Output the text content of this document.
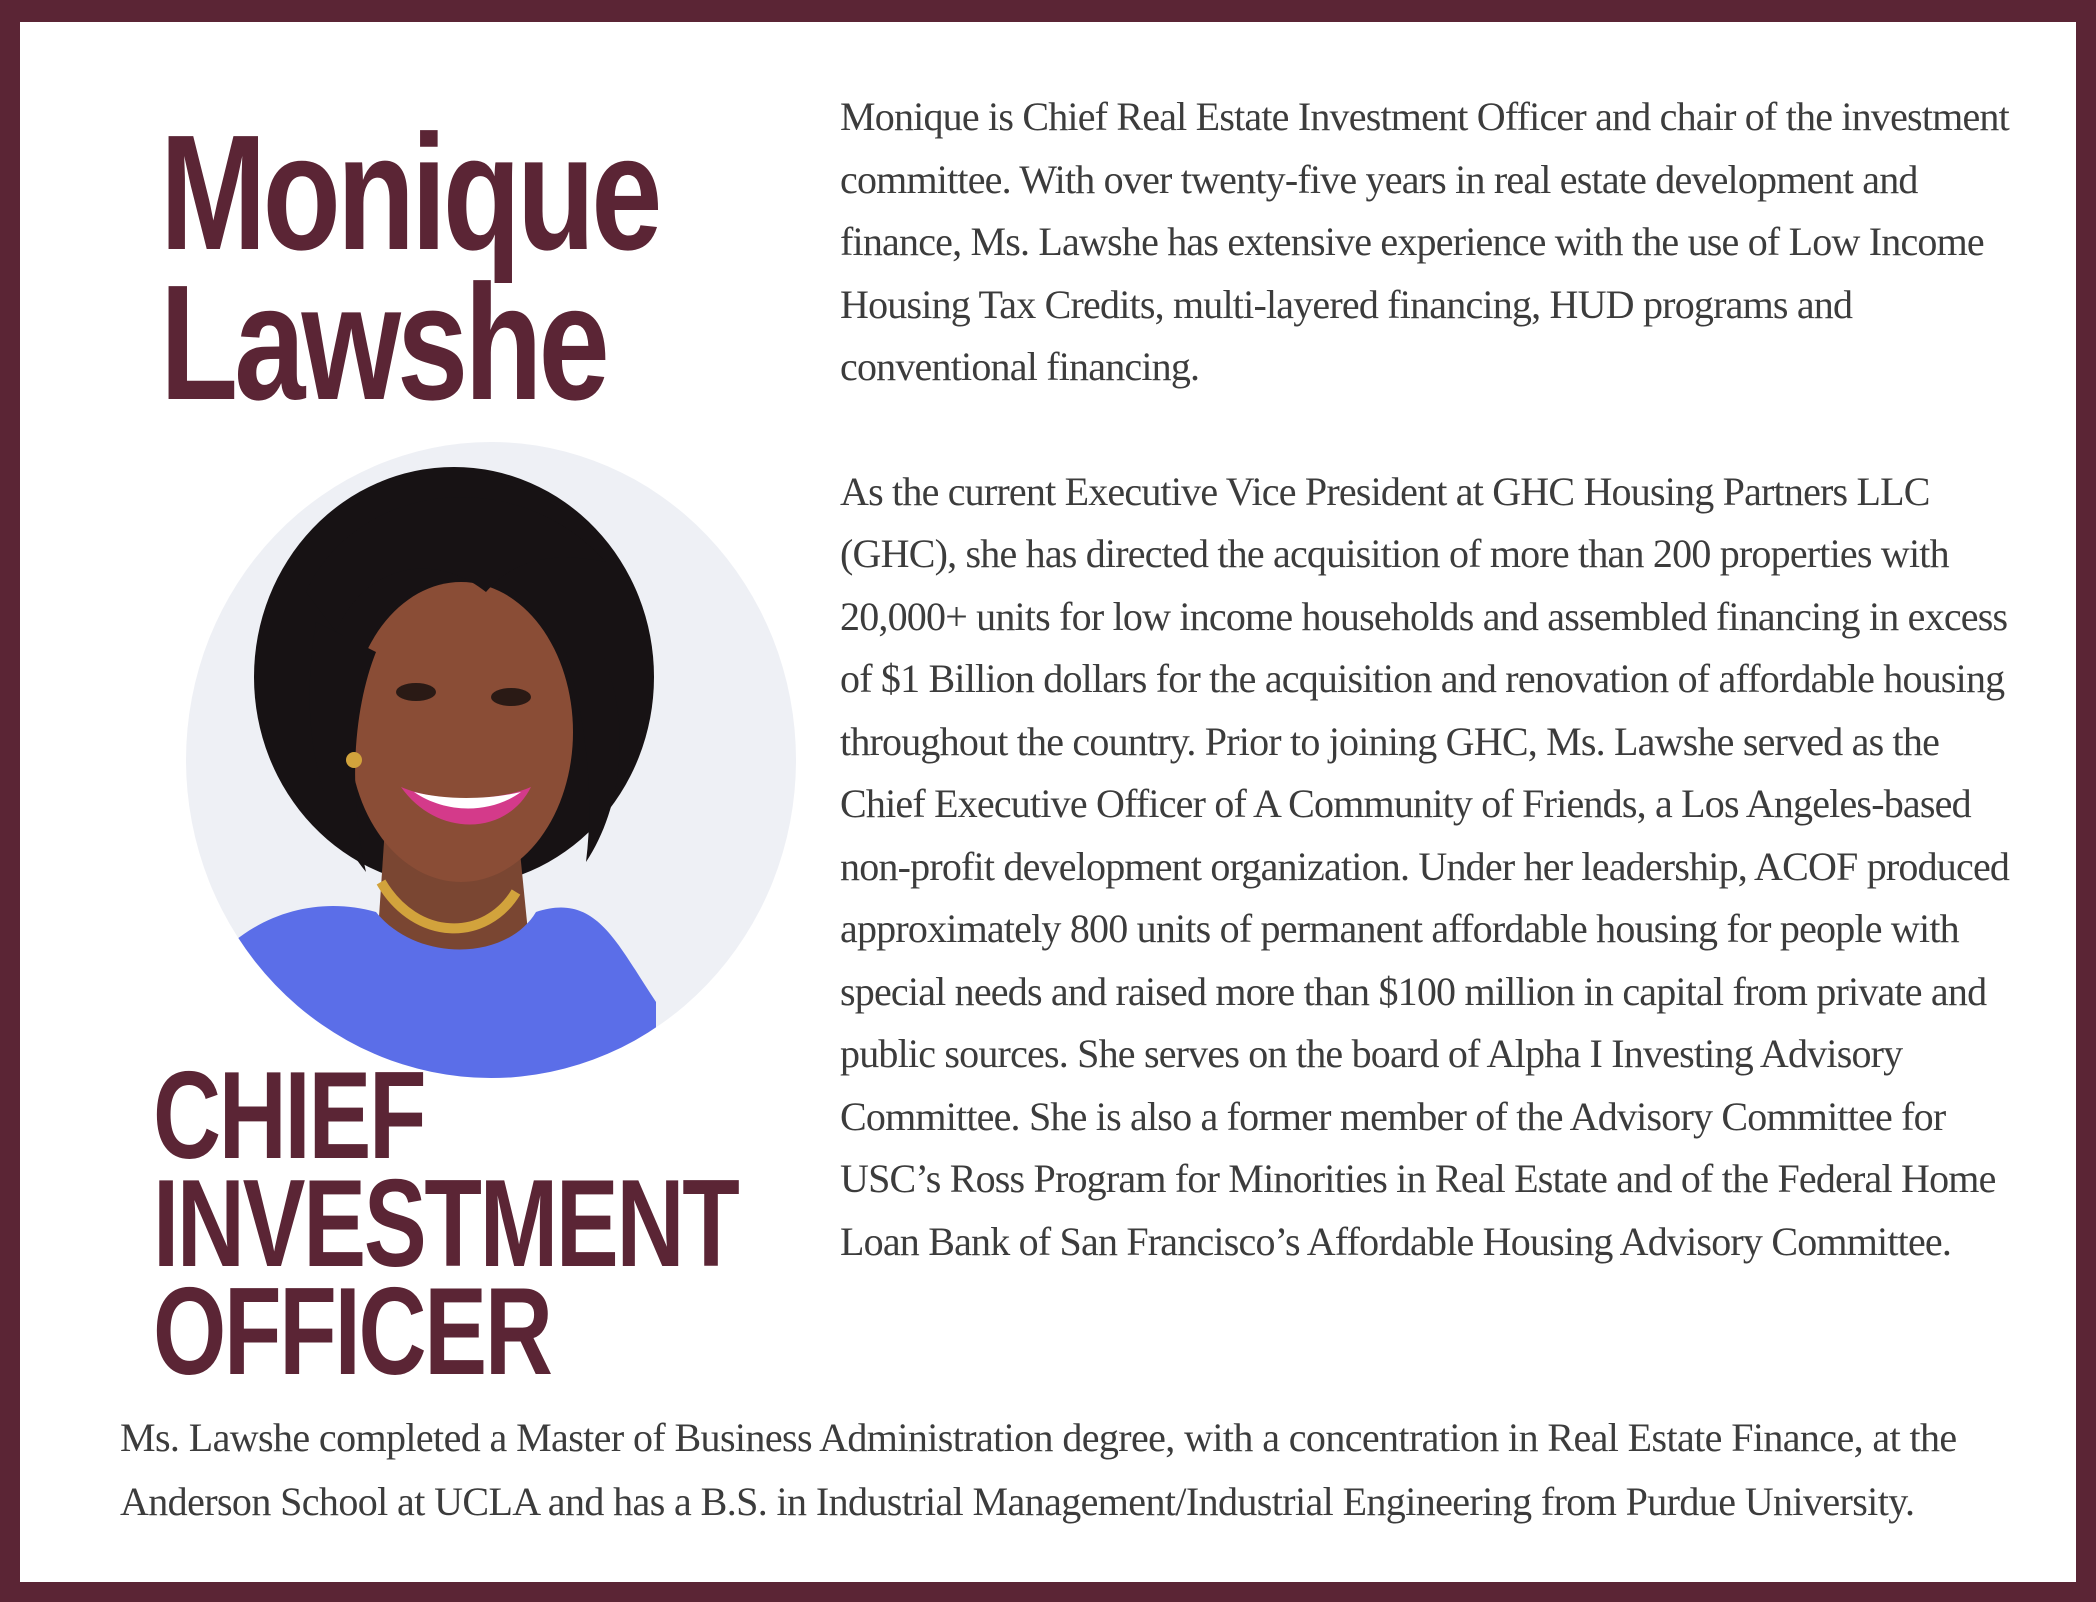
Monique
Lawshe
CHIEF
INVESTMENT
OFFICER

Monique is Chief Real Estate Investment Officer and chair of the investment committee. With over twenty-five years in real estate development and finance, Ms. Lawshe has extensive experience with the use of Low Income Housing Tax Credits, multi-layered financing, HUD programs and conventional financing.

As the current Executive Vice President at GHC Housing Partners LLC (GHC), she has directed the acquisition of more than 200 properties with 20,000+ units for low income households and assembled financing in excess of $1 Billion dollars for the acquisition and renovation of affordable housing throughout the country. Prior to joining GHC, Ms. Lawshe served as the Chief Executive Officer of A Community of Friends, a Los Angeles-based non-profit development organization. Under her leadership, ACOF produced approximately 800 units of permanent affordable housing for people with special needs and raised more than $100 million in capital from private and public sources. She serves on the board of Alpha I Investing Advisory Committee. She is also a former member of the Advisory Committee for USC’s Ross Program for Minorities in Real Estate and of the Federal Home Loan Bank of San Francisco’s Affordable Housing Advisory Committee.

Ms. Lawshe completed a Master of Business Administration degree, with a concentration in Real Estate Finance, at the Anderson School at UCLA and has a B.S. in Industrial Management/Industrial Engineering from Purdue University.
